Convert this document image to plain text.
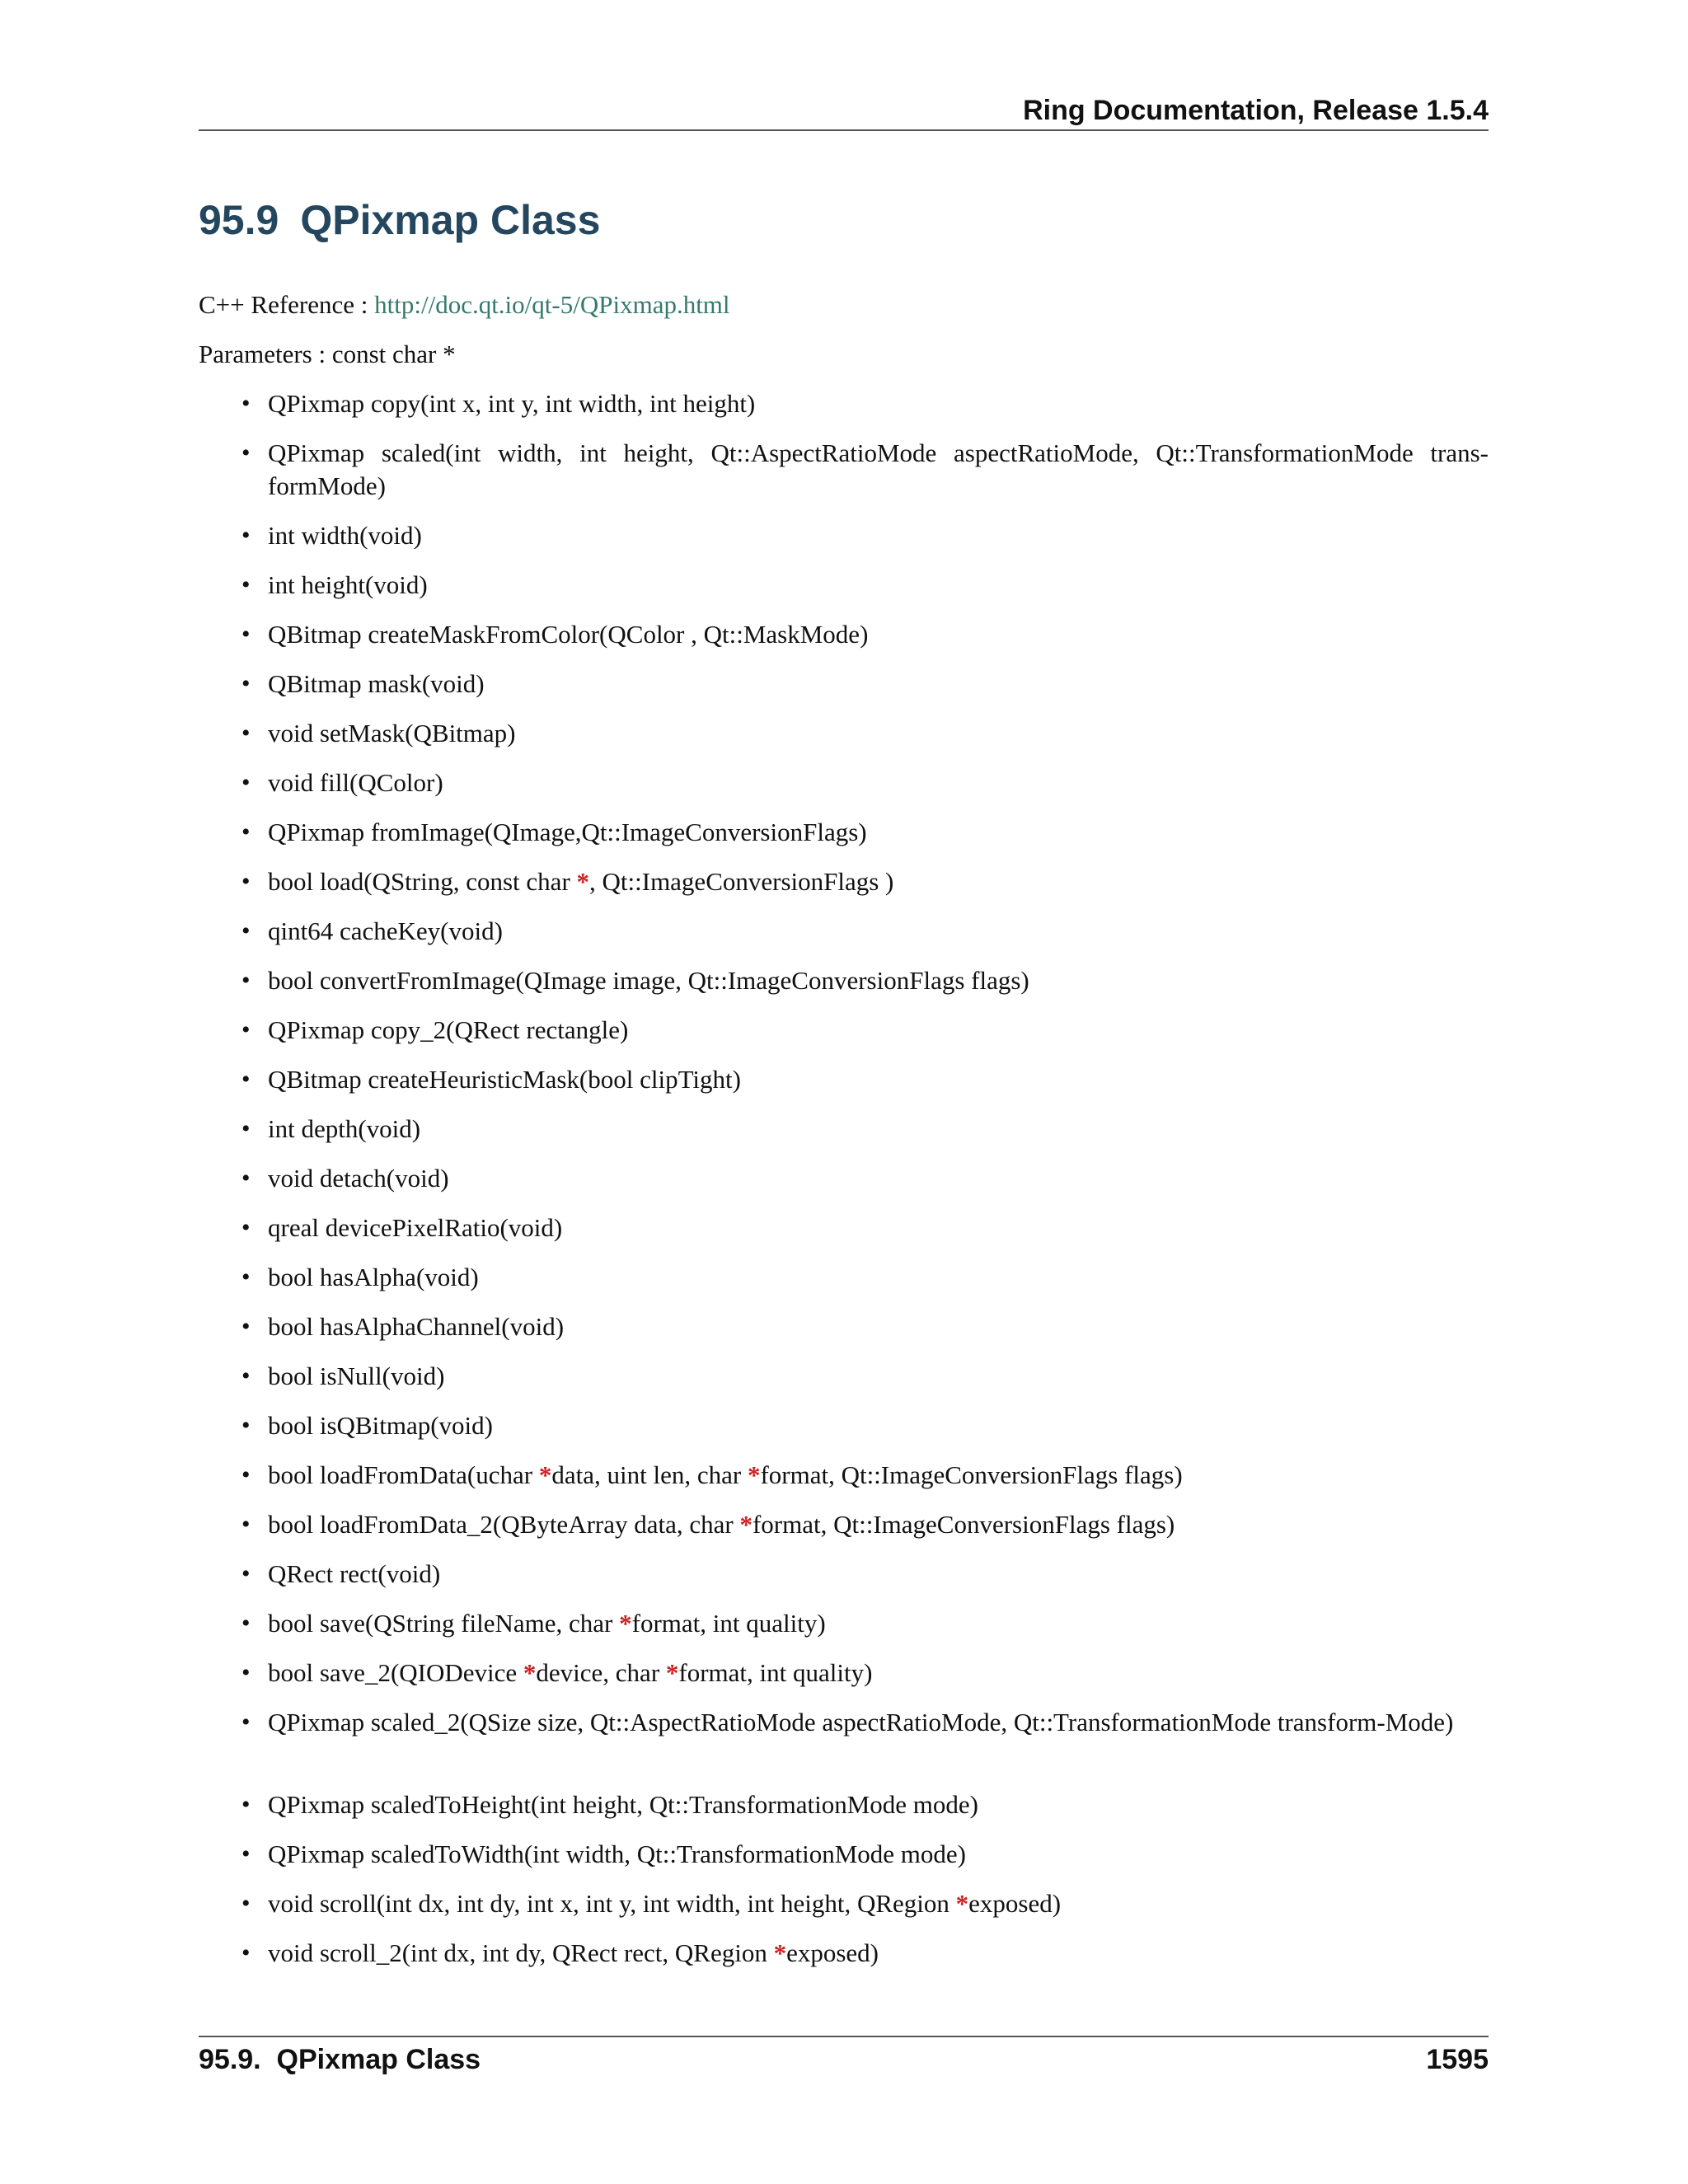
Ring Documentation, Release 1.5.4
95.9 QPixmap Class
C++ Reference : http://doc.qt.io/qt-5/QPixmap.html
Parameters : const char *
• QPixmap copy(int x, int y, int width, int height)
• QPixmap scaled(int width, int height, Qt::AspectRatioMode aspectRatioMode, Qt::TransformationMode trans-formMode)
• int width(void)
• int height(void)
• QBitmap createMaskFromColor(QColor , Qt::MaskMode)
• QBitmap mask(void)
• void setMask(QBitmap)
• void fill(QColor)
• QPixmap fromImage(QImage,Qt::ImageConversionFlags)
• bool load(QString, const char *, Qt::ImageConversionFlags )
• qint64 cacheKey(void)
• bool convertFromImage(QImage image, Qt::ImageConversionFlags flags)
• QPixmap copy_2(QRect rectangle)
• QBitmap createHeuristicMask(bool clipTight)
• int depth(void)
• void detach(void)
• qreal devicePixelRatio(void)
• bool hasAlpha(void)
• bool hasAlphaChannel(void)
• bool isNull(void)
• bool isQBitmap(void)
• bool loadFromData(uchar *data, uint len, char *format, Qt::ImageConversionFlags flags)
• bool loadFromData_2(QByteArray data, char *format, Qt::ImageConversionFlags flags)
• QRect rect(void)
• bool save(QString fileName, char *format, int quality)
• bool save_2(QIODevice *device, char *format, int quality)
• QPixmap scaled_2(QSize size, Qt::AspectRatioMode aspectRatioMode, Qt::TransformationMode transform-Mode)
• QPixmap scaledToHeight(int height, Qt::TransformationMode mode)
• QPixmap scaledToWidth(int width, Qt::TransformationMode mode)
• void scroll(int dx, int dy, int x, int y, int width, int height, QRegion *exposed)
• void scroll_2(int dx, int dy, QRect rect, QRegion *exposed)
95.9.  QPixmap Class	1595
